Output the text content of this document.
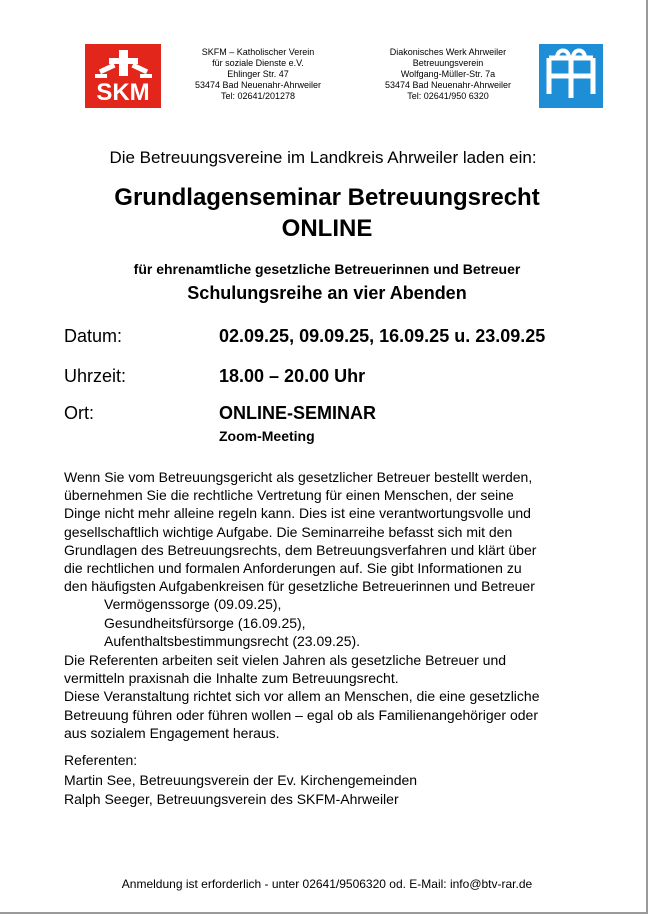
SKM
SKFM – Katholischer Verein
für soziale Dienste e.V.
Ehlinger Str. 47
53474 Bad Neuenahr-Ahrweiler
Tel: 02641/201278
Diakonisches Werk Ahrweiler
Betreuungsverein
Wolfgang-Müller-Str. 7a
53474 Bad Neuenahr-Ahrweiler
Tel: 02641/950 6320
Die Betreuungsvereine im Landkreis Ahrweiler laden ein:
Grundlagenseminar Betreuungsrecht
ONLINE
für ehrenamtliche gesetzliche Betreuerinnen und Betreuer
Schulungsreihe an vier Abenden
Datum:	02.09.25, 09.09.25, 16.09.25 u. 23.09.25
Uhrzeit:	18.00 – 20.00 Uhr
Ort:	ONLINE-SEMINAR
Zoom-Meeting

Wenn Sie vom Betreuungsgericht als gesetzlicher Betreuer bestellt werden,

übernehmen Sie die rechtliche Vertretung für einen Menschen, der seine

Dinge nicht mehr alleine regeln kann. Dies ist eine verantwortungsvolle und

gesellschaftlich wichtige Aufgabe. Die Seminarreihe befasst sich mit den

Grundlagen des Betreuungsrechts, dem Betreuungsverfahren und klärt über

die rechtlichen und formalen Anforderungen auf. Sie gibt Informationen zu

den häufigsten Aufgabenkreisen für gesetzliche Betreuerinnen und Betreuer

Vermögenssorge (09.09.25),

Gesundheitsfürsorge (16.09.25),

Aufenthaltsbestimmungsrecht (23.09.25).

Die Referenten arbeiten seit vielen Jahren als gesetzliche Betreuer und

vermitteln praxisnah die Inhalte zum Betreuungsrecht.

Diese Veranstaltung richtet sich vor allem an Menschen, die eine gesetzliche

Betreuung führen oder führen wollen – egal ob als Familienangehöriger oder

aus sozialem Engagement heraus.

Referenten:

Martin See, Betreuungsverein der Ev. Kirchengemeinden

Ralph Seeger, Betreuungsverein des SKFM-Ahrweiler

Anmeldung ist erforderlich - unter 02641/9506320 od. E-Mail: info@btv-rar.de
